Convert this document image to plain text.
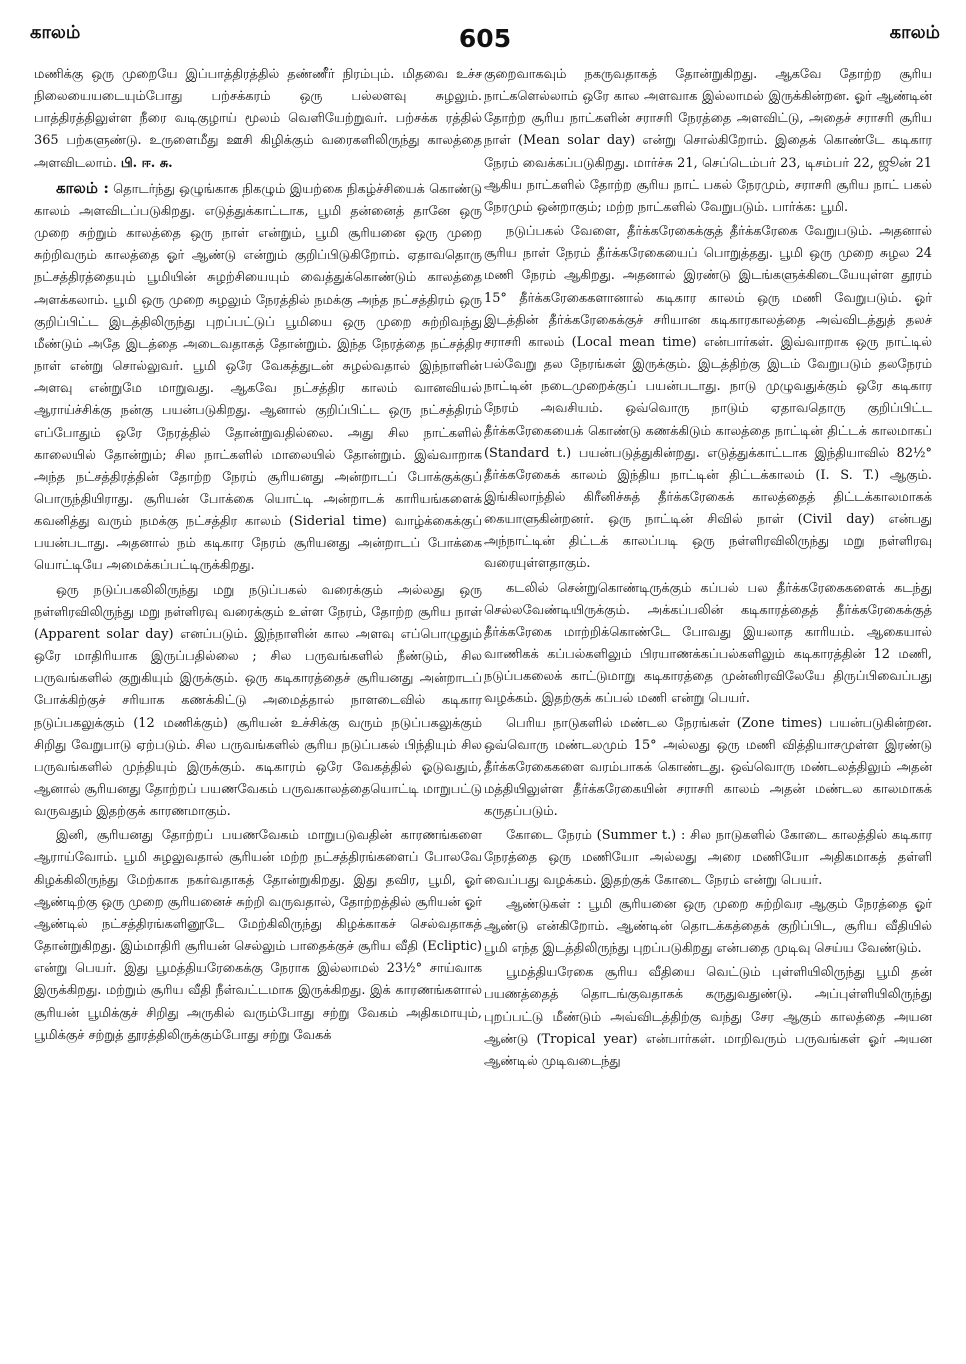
காலம்	605	காலம்

மணிக்கு ஒரு முறையே இப்பாத்திரத்தில் தண்ணீர் நிரம்பும். மிதவை உச்ச நிலையையடையும்போது பற்சக்கரம் ஒரு பல்லளவு சுழலும். பாத்திரத்திலுள்ள நீரை வடிகுழாய் மூலம் வெளியேற்றுவர். பற்சக்க ரத்தில் 365 பற்களுண்டு. உருளைமீது ஊசி கிழிக்கும் வரைகளிலிருந்து காலத்தை அளவிடலாம். பி. ஈ. சு.

காலம் : தொடர்ந்து ஒழுங்காக நிகழும் இயற்கை நிகழ்ச்சியைக் கொண்டு காலம் அளவிடப்படுகிறது. எடுத்துக்காட்டாக, பூமி தன்னைத் தானே ஒரு முறை சுற்றும் காலத்தை ஒரு நாள் என்றும், பூமி சூரியனை ஒரு முறை சுற்றிவரும் காலத்தை ஓர் ஆண்டு என்றும் குறிப்பிடுகிறோம். ஏதாவதொரு நட்சத்திரத்தையும் பூமியின் சுழற்சியையும் வைத்துக்கொண்டும் காலத்தை அளக்கலாம். பூமி ஒரு முறை சுழலும் நேரத்தில் நமக்கு அந்த நட்சத்திரம் ஒரு குறிப்பிட்ட இடத்திலிருந்து புறப்பட்டுப் பூமியை ஒரு முறை சுற்றிவந்து மீண்டும் அதே இடத்தை அடைவதாகத் தோன்றும். இந்த நேரத்தை நட்சத்திர நாள் என்று சொல்லுவர். பூமி ஒரே வேகத்துடன் சுழல்வதால் இந்நாளின் அளவு என்றுமே மாறுவது. ஆகவே நட்சத்திர காலம் வானவியல் ஆராய்ச்சிக்கு நன்கு பயன்படுகிறது. ஆனால் குறிப்பிட்ட ஒரு நட்சத்திரம் எப்போதும் ஒரே நேரத்தில் தோன்றுவதில்லை. அது சில நாட்களில் காலையில் தோன்றும்; சில நாட்களில் மாலையில் தோன்றும். இவ்வாறாக அந்த நட்சத்திரத்தின் தோற்ற நேரம் சூரியனது அன்றாடப் போக்குக்குப் பொருந்தியிராது. சூரியன் போக்கை யொட்டி அன்றாடக் காரியங்களைக் கவனித்து வரும் நமக்கு நட்சத்திர காலம் (Siderial time) வாழ்க்கைக்குப் பயன்படாது. அதனால் நம் கடிகார நேரம் சூரியனது அன்றாடப் போக்கை யொட்டியே அமைக்கப்பட்டிருக்கிறது.

ஒரு நடுப்பகலிலிருந்து மறு நடுப்பகல் வரைக்கும் அல்லது ஒரு நள்ளிரவிலிருந்து மறு நள்ளிரவு வரைக்கும் உள்ள நேரம், தோற்ற சூரிய நாள் (Apparent solar day) எனப்படும். இந்நாளின் கால அளவு எப்பொழுதும் ஒரே மாதிரியாக இருப்பதில்லை ; சில பருவங்களில் நீண்டும், சில பருவங்களில் குறுகியும் இருக்கும். ஒரு கடிகாரத்தைச் சூரியனது அன்றாடப் போக்கிற்குச் சரியாக கணக்கிட்டு அமைத்தால் நாளடைவில் கடிகார நடுப்பகலுக்கும் (12 மணிக்கும்) சூரியன் உச்சிக்கு வரும் நடுப்பகலுக்கும் சிறிது வேறுபாடு ஏற்படும். சில பருவங்களில் சூரிய நடுப்பகல் பிந்தியும் சில பருவங்களில் முந்தியும் இருக்கும். கடிகாரம் ஒரே வேகத்தில் ஓடுவதும், ஆனால் சூரியனது தோற்றப் பயணவேகம் பருவகாலத்தையொட்டி மாறுபட்டு வருவதும் இதற்குக் காரணமாகும்.

இனி, சூரியனது தோற்றப் பயணவேகம் மாறுபடுவதின் காரணங்களை ஆராய்வோம். பூமி சுழலுவதால் சூரியன் மற்ற நட்சத்திரங்களைப் போலவே கிழக்கிலிருந்து மேற்காக நகர்வதாகத் தோன்றுகிறது. இது தவிர, பூமி, ஓர் ஆண்டிற்கு ஒரு முறை சூரியனைச் சுற்றி வருவதால், தோற்றத்தில் சூரியன் ஓர் ஆண்டில் நட்சத்திரங்களினூடே மேற்கிலிருந்து கிழக்காகச் செல்வதாகத் தோன்றுகிறது. இம்மாதிரி சூரியன் செல்லும் பாதைக்குச் சூரிய வீதி (Ecliptic) என்று பெயர். இது பூமத்தியரேகைக்கு நேராக இல்லாமல் 23½° சாய்வாக இருக்கிறது. மற்றும் சூரிய வீதி நீள்வட்டமாக இருக்கிறது. இக் காரணங்களால் சூரியன் பூமிக்குச் சிறிது அருகில் வரும்போது சற்று வேகம் அதிகமாயும், பூமிக்குச் சற்றுத் தூரத்திலிருக்கும்போது சற்று வேகக்

குறைவாகவும் நகருவதாகத் தோன்றுகிறது. ஆகவே தோற்ற சூரிய நாட்களெல்லாம் ஒரே கால அளவாக இல்லாமல் இருக்கின்றன. ஓர் ஆண்டின் தோற்ற சூரிய நாட்களின் சராசரி நேரத்தை அளவிட்டு, அதைச் சராசரி சூரிய நாள் (Mean solar day) என்று சொல்கிறோம். இதைக் கொண்டே கடிகார நேரம் வைக்கப்படுகிறது. மார்ச்சு 21, செப்டெம்பர் 23, டிசம்பர் 22, ஜூன் 21 ஆகிய நாட்களில் தோற்ற சூரிய நாட் பகல் நேரமும், சராசரி சூரிய நாட் பகல் நேரமும் ஒன்றாகும்; மற்ற நாட்களில் வேறுபடும். பார்க்க: பூமி.

நடுப்பகல் வேளை, தீர்க்கரேகைக்குத் தீர்க்கரேகை வேறுபடும். அதனால் சூரிய நாள் நேரம் தீர்க்கரேகையைப் பொறுத்தது. பூமி ஒரு முறை சுழல 24 மணி நேரம் ஆகிறது. அதனால் இரண்டு இடங்களுக்கிடையேயுள்ள தூரம் 15° தீர்க்கரேகைகளானால் கடிகார காலம் ஒரு மணி வேறுபடும். ஓர் இடத்தின் தீர்க்கரேகைக்குச் சரியான கடிகாரகாலத்தை அவ்விடத்துத் தலச் சராசரி காலம் (Local mean time) என்பார்கள். இவ்வாறாக ஒரு நாட்டில் பல்வேறு தல நேரங்கள் இருக்கும். இடத்திற்கு இடம் வேறுபடும் தலநேரம் நாட்டின் நடைமுறைக்குப் பயன்படாது. நாடு முழுவதுக்கும் ஒரே கடிகார நேரம் அவசியம். ஒவ்வொரு நாடும் ஏதாவதொரு குறிப்பிட்ட தீர்க்கரேகையைக் கொண்டு கணக்கிடும் காலத்தை நாட்டின் திட்டக் காலமாகப் (Standard t.) பயன்படுத்துகின்றது. எடுத்துக்காட்டாக இந்தியாவில் 82½° தீர்க்கரேகைக் காலம் இந்திய நாட்டின் திட்டக்காலம் (I. S. T.) ஆகும். இங்கிலாந்தில் கிரீனிச்சுத் தீர்க்கரேகைக் காலத்தைத் திட்டக்காலமாகக் கையாளுகின்றனர். ஒரு நாட்டின் சிவில் நாள் (Civil day) என்பது அந்நாட்டின் திட்டக் காலப்படி ஒரு நள்ளிரவிலிருந்து மறு நள்ளிரவு வரையுள்ளதாகும்.

கடலில் சென்றுகொண்டிருக்கும் கப்பல் பல தீர்க்கரேகைகளைக் கடந்து செல்லவேண்டியிருக்கும். அக்கப்பலின் கடிகாரத்தைத் தீர்க்கரேகைக்குத் தீர்க்கரேகை மாற்றிக்கொண்டே போவது இயலாத காரியம். ஆகையால் வாணிகக் கப்பல்களிலும் பிரயாணக்கப்பல்களிலும் கடிகாரத்தின் 12 மணி, நடுப்பகலைக் காட்டுமாறு கடிகாரத்தை முன்னிரவிலேயே திருப்பிவைப்பது வழக்கம். இதற்குக் கப்பல் மணி என்று பெயர்.

பெரிய நாடுகளில் மண்டல நேரங்கள் (Zone times) பயன்படுகின்றன. ஒவ்வொரு மண்டலமும் 15° அல்லது ஒரு மணி வித்தியாசமுள்ள இரண்டு தீர்க்கரேகைகளை வரம்பாகக் கொண்டது. ஒவ்வொரு மண்டலத்திலும் அதன் மத்தியிலுள்ள தீர்க்கரேகையின் சராசரி காலம் அதன் மண்டல காலமாகக் கருதப்படும்.

கோடை நேரம் (Summer t.) : சில நாடுகளில் கோடை காலத்தில் கடிகார நேரத்தை ஒரு மணியோ அல்லது அரை மணியோ அதிகமாகத் தள்ளி வைப்பது வழக்கம். இதற்குக் கோடை நேரம் என்று பெயர்.

ஆண்டுகள் : பூமி சூரியனை ஒரு முறை சுற்றிவர ஆகும் நேரத்தை ஓர் ஆண்டு என்கிறோம். ஆண்டின் தொடக்கத்தைக் குறிப்பிட, சூரிய வீதியில் பூமி எந்த இடத்திலிருந்து புறப்படுகிறது என்பதை முடிவு செய்ய வேண்டும்.

பூமத்தியரேகை சூரிய வீதியை வெட்டும் புள்ளியிலிருந்து பூமி தன் பயணத்தைத் தொடங்குவதாகக் கருதுவதுண்டு. அப்புள்ளியிலிருந்து புறப்பட்டு மீண்டும் அவ்விடத்திற்கு வந்து சேர ஆகும் காலத்தை அயன ஆண்டு (Tropical year) என்பார்கள். மாறிவரும் பருவங்கள் ஓர் அயன ஆண்டில் முடிவடைந்து
